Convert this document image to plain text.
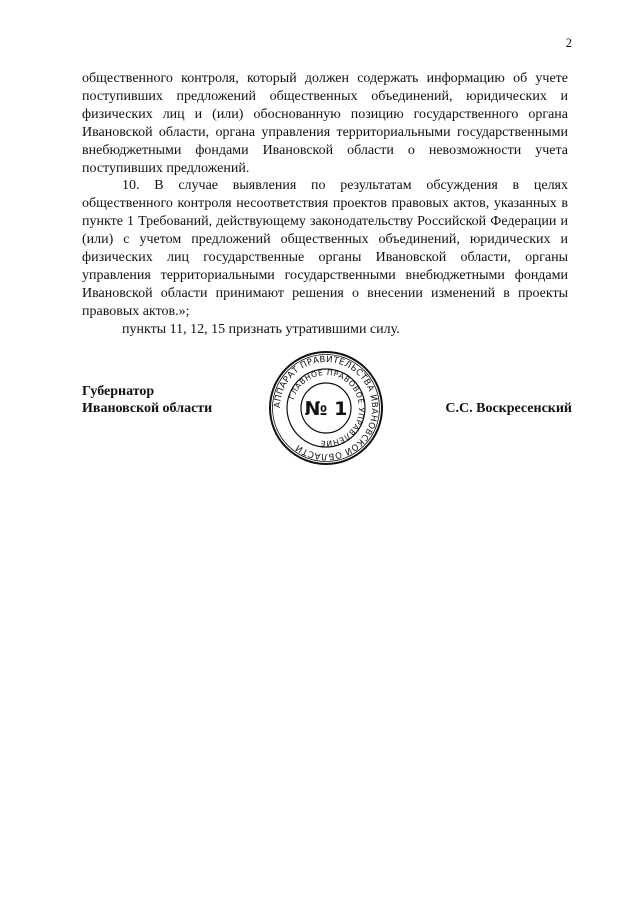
2

общественного контроля, который должен содержать информацию об учете поступивших предложений общественных объединений, юридических и физических лиц и (или) обоснованную позицию государственного органа Ивановской области, органа управления территориальными государственными внебюджетными фондами Ивановской области о невозможности учета поступивших предложений.

10. В случае выявления по результатам обсуждения в целях общественного контроля несоответствия проектов правовых актов, указанных в пункте 1 Требований, действующему законодательству Российской Федерации и (или) с учетом предложений общественных объединений, юридических и физических лиц государственные органы Ивановской области, органы управления территориальными государственными внебюджетными фондами Ивановской области принимают решения о внесении изменений в проекты правовых актов.»;

пункты 11, 12, 15 признать утратившими силу.

Губернатор
Ивановской области	С.С. Воскресенский
АППАРАТ ПРАВИТЕЛЬСТВА ИВАНОВСКОЙ ОБЛАСТИ
ГЛАВНОЕ ПРАВОВОЕ УПРАВЛЕНИЕ
№ 1
